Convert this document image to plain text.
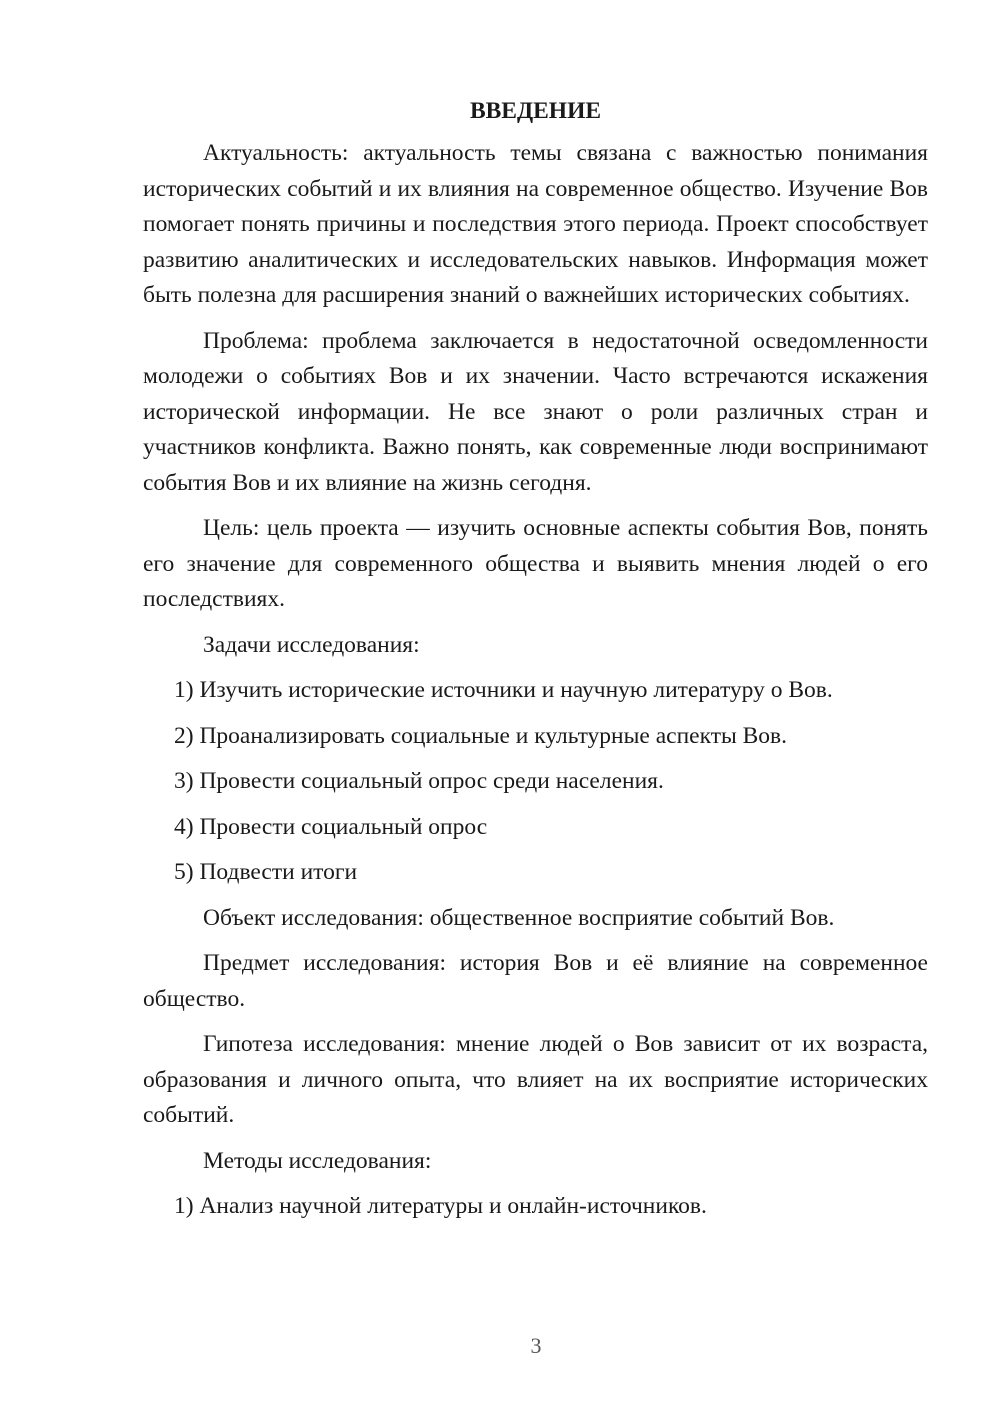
ВВЕДЕНИЕ

Актуальность: актуальность темы связана с важностью понимания исторических событий и их влияния на современное общество. Изучение Вов помогает понять причины и последствия этого периода. Проект способствует развитию аналитических и исследовательских навыков. Информация может быть полезна для расширения знаний о важнейших исторических событиях.

Проблема: проблема заключается в недостаточной осведомленности молодежи о событиях Вов и их значении. Часто встречаются искажения исторической информации. Не все знают о роли различных стран и участников конфликта. Важно понять, как современные люди воспринимают события Вов и их влияние на жизнь сегодня.

Цель: цель проекта — изучить основные аспекты события Вов, понять его значение для современного общества и выявить мнения людей о его последствиях.

Задачи исследования:

1) Изучить исторические источники и научную литературу о Вов.
2) Проанализировать социальные и культурные аспекты Вов.
3) Провести социальный опрос среди населения.
4) Провести социальный опрос
5) Подвести итоги

Объект исследования: общественное восприятие событий Вов.

Предмет исследования: история Вов и её влияние на современное общество.

Гипотеза исследования: мнение людей о Вов зависит от их возраста, образования и личного опыта, что влияет на их восприятие исторических событий.

Методы исследования:

1) Анализ научной литературы и онлайн-источников.
3
